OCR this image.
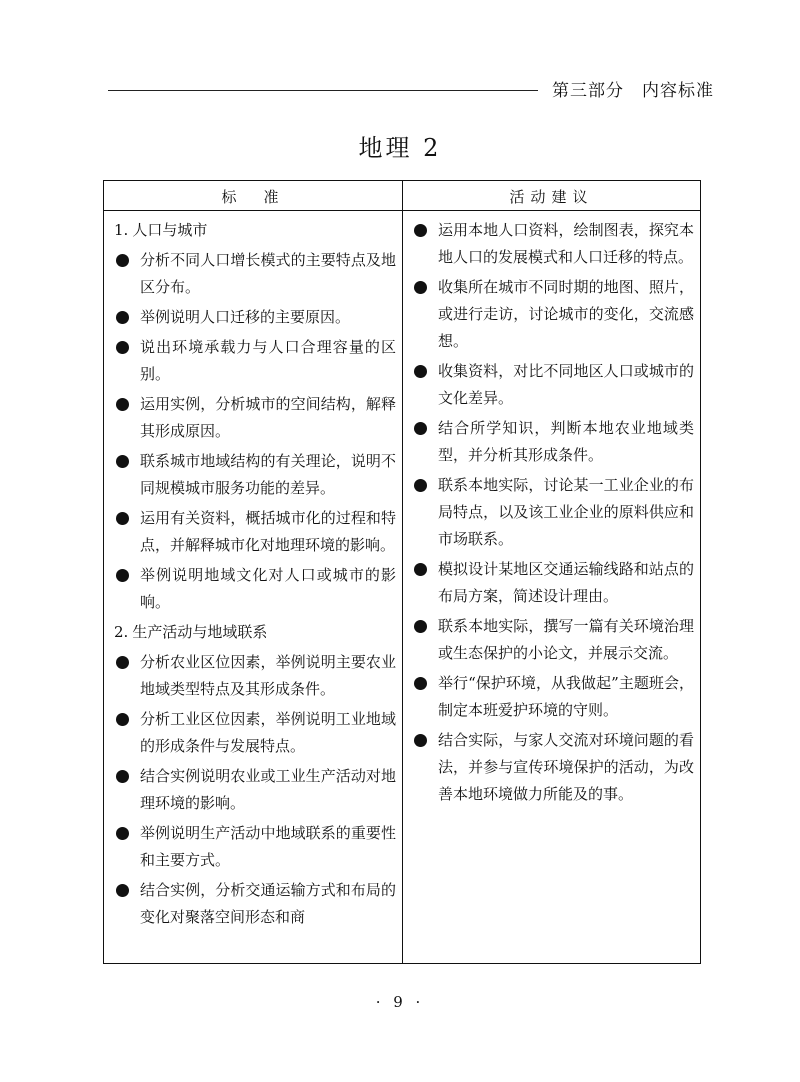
第三部分　内容标准
地理 2
标　准	活动建议
1. 人口与城市
分析不同人口增长模式的主要特点及地区分布。
举例说明人口迁移的主要原因。
说出环境承载力与人口合理容量的区别。
运用实例，分析城市的空间结构，解释其形成原因。
联系城市地域结构的有关理论，说明不同规模城市服务功能的差异。
运用有关资料，概括城市化的过程和特点，并解释城市化对地理环境的影响。
举例说明地域文化对人口或城市的影响。
2. 生产活动与地域联系
分析农业区位因素，举例说明主要农业地域类型特点及其形成条件。
分析工业区位因素，举例说明工业地域的形成条件与发展特点。
结合实例说明农业或工业生产活动对地理环境的影响。
举例说明生产活动中地域联系的重要性和主要方式。
结合实例，分析交通运输方式和布局的变化对聚落空间形态和商
运用本地人口资料，绘制图表，探究本地人口的发展模式和人口迁移的特点。
收集所在城市不同时期的地图、照片，或进行走访，讨论城市的变化，交流感想。
收集资料，对比不同地区人口或城市的文化差异。
结合所学知识，判断本地农业地域类型，并分析其形成条件。
联系本地实际，讨论某一工业企业的布局特点，以及该工业企业的原料供应和市场联系。
模拟设计某地区交通运输线路和站点的布局方案，简述设计理由。
联系本地实际，撰写一篇有关环境治理或生态保护的小论文，并展示交流。
举行“保护环境，从我做起”主题班会，制定本班爱护环境的守则。
结合实际，与家人交流对环境问题的看法，并参与宣传环境保护的活动，为改善本地环境做力所能及的事。
· 9 ·
